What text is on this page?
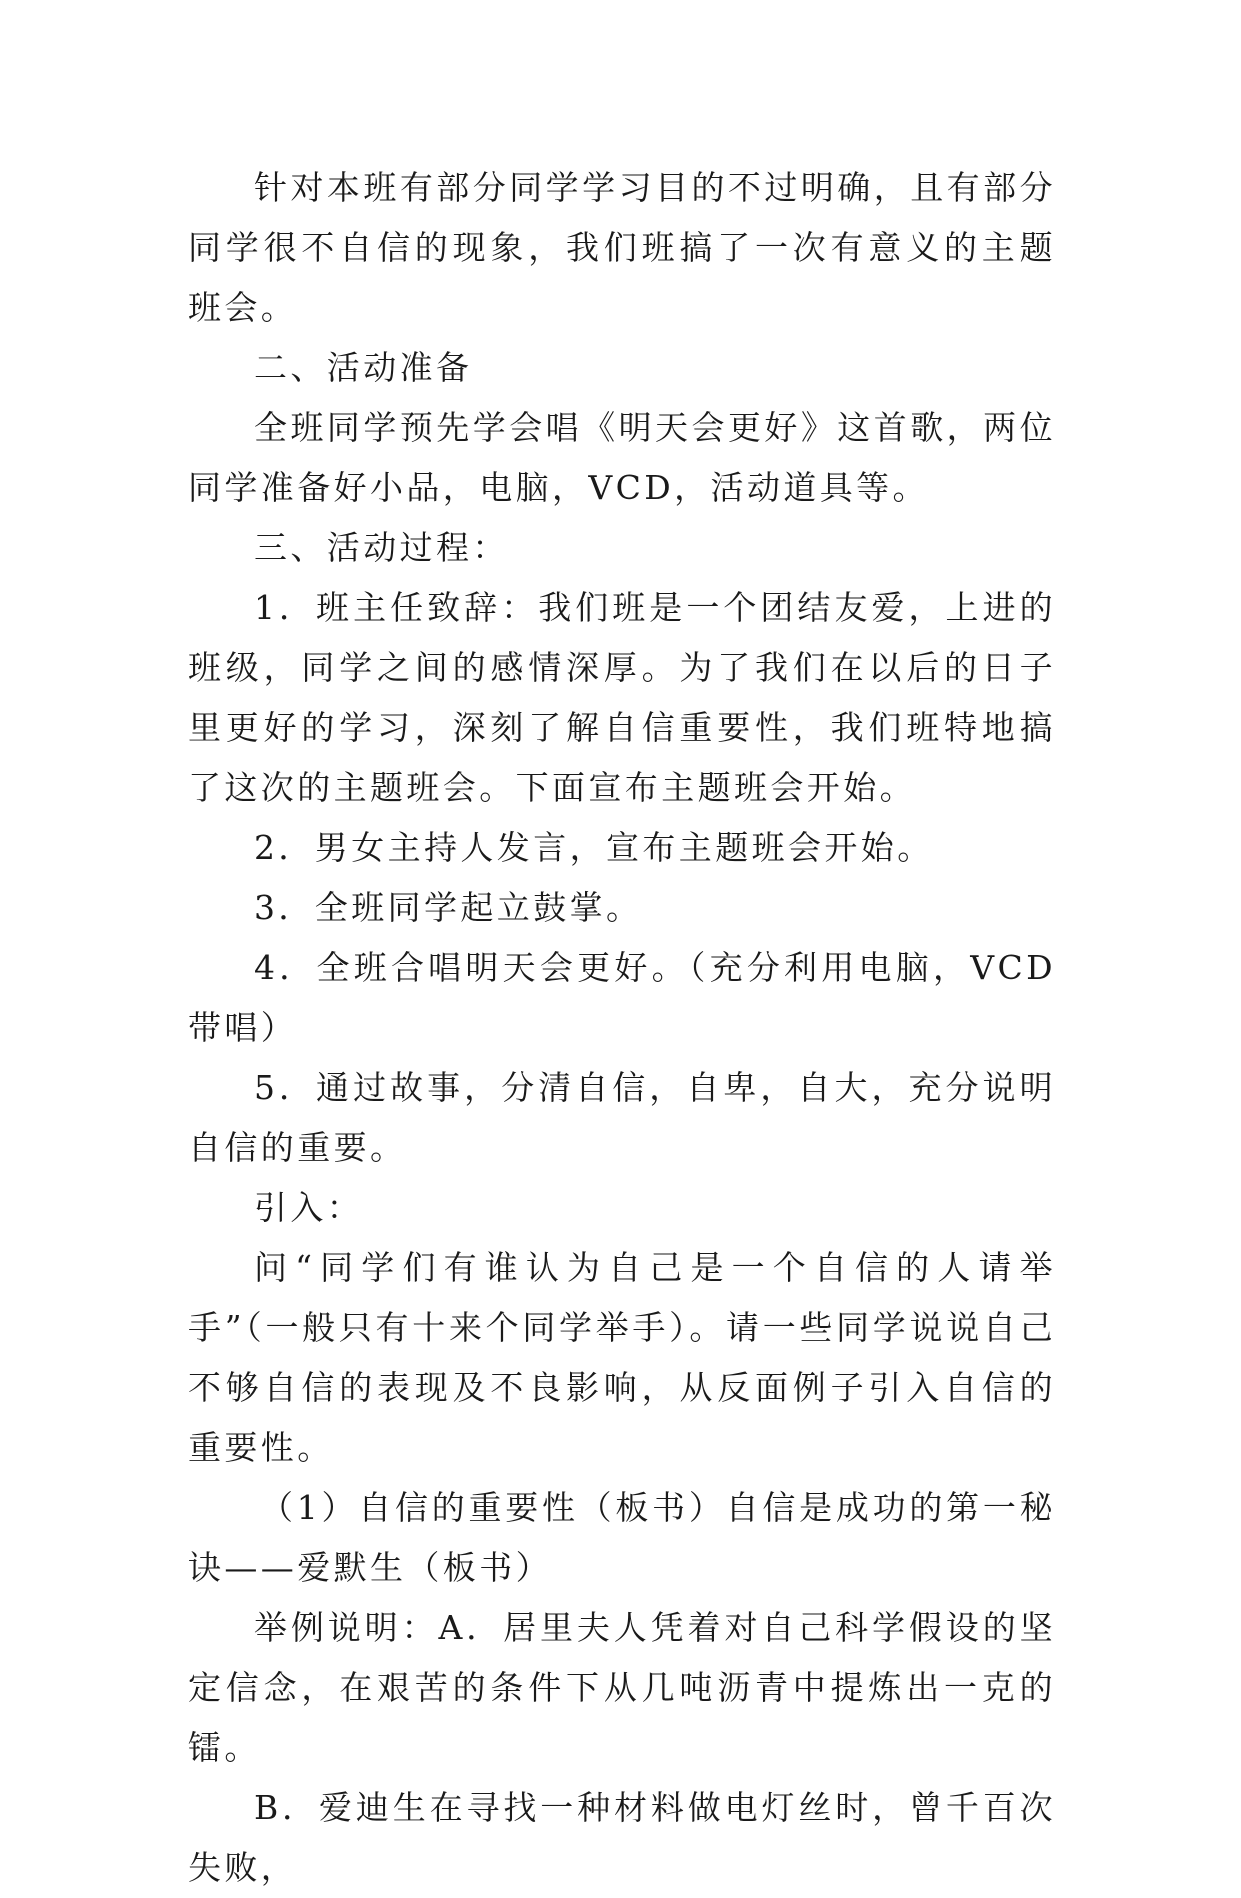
针对本班有部分同学学习目的不过明确，且有部分同学很不自信的现象，我们班搞了一次有意义的主题班会。

二、活动准备

全班同学预先学会唱《明天会更好》这首歌，两位同学准备好小品，电脑，VCD，活动道具等。

三、活动过程：

1．班主任致辞：我们班是一个团结友爱，上进的班级，同学之间的感情深厚。为了我们在以后的日子里更好的学习，深刻了解自信重要性，我们班特地搞了这次的主题班会。下面宣布主题班会开始。

2．男女主持人发言，宣布主题班会开始。

3．全班同学起立鼓掌。

4．全班合唱明天会更好。（充分利用电脑，VCD 带唱）

5．通过故事，分清自信，自卑，自大，充分说明自信的重要。

引入：

问“同学们有谁认为自己是一个自信的人请举手”（一般只有十来个同学举手）。请一些同学说说自己不够自信的表现及不良影响，从反面例子引入自信的重要性。

（1）自信的重要性（板书）自信是成功的第一秘诀——爱默生（板书）

举例说明：A．居里夫人凭着对自己科学假设的坚定信念，在艰苦的条件下从几吨沥青中提炼出一克的镭。

B．爱迪生在寻找一种材料做电灯丝时，曾千百次失败，
